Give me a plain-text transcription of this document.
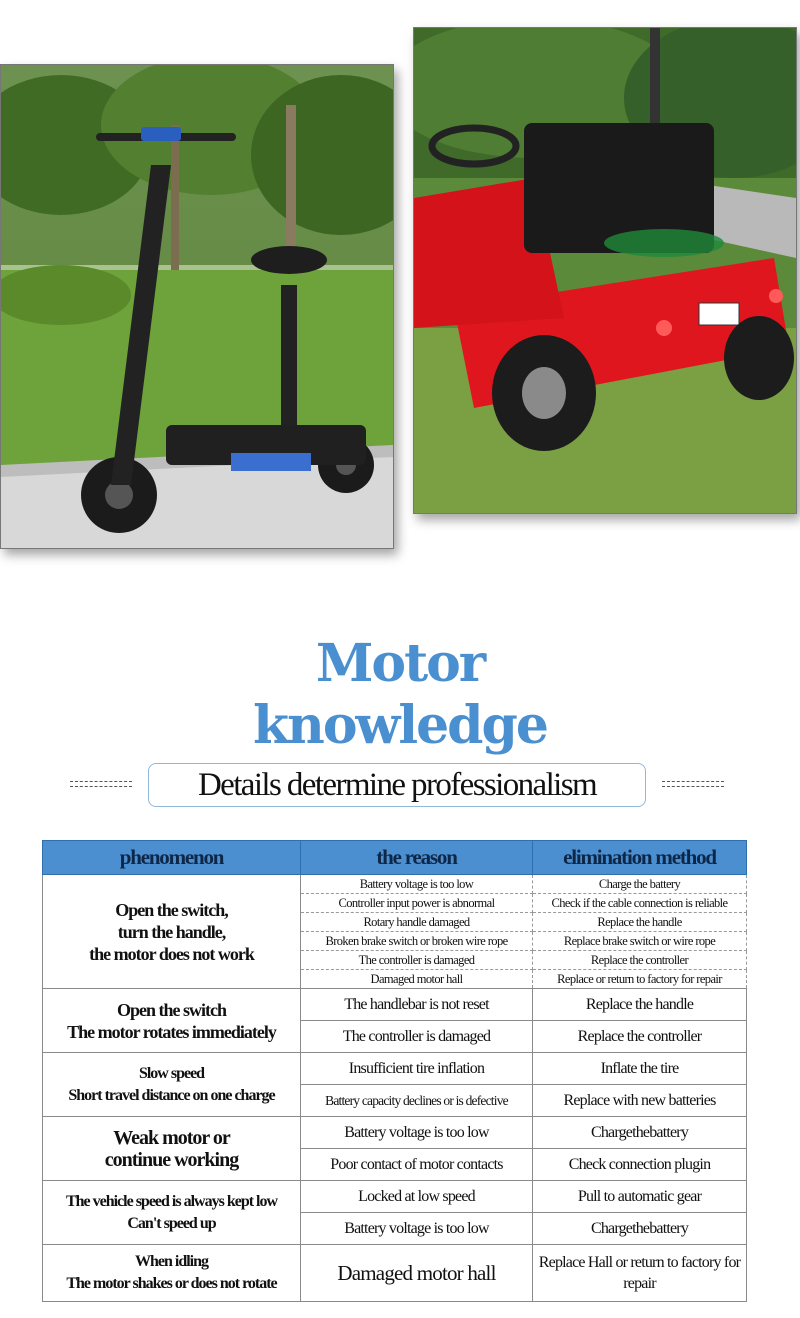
Motor
knowledge
Details determine professionalism
phenomenon	the reason	elimination method

Open the switch,
turn the handle,
the motor does not work	Battery voltage is too low	Charge the battery
	Controller input power is abnormal	Check if the cable connection is reliable
	Rotary handle damaged	Replace the handle
	Broken brake switch or broken wire rope	Replace brake switch or wire rope
	The controller is damaged	Replace the controller
	Damaged motor hall	Replace or return to factory for repair

Open the switch
The motor rotates immediately	The handlebar is not reset	Replace the handle
	The controller is damaged	Replace the controller

Slow speed
Short travel distance on one charge	Insufficient tire inflation	Inflate the tire
	Battery capacity declines or is defective	Replace with new batteries

Weak motor or
continue working	Battery voltage is too low	Chargethebattery
	Poor contact of motor contacts	Check connection plugin

The vehicle speed is always kept low
Can't speed up	Locked at low speed	Pull to automatic gear
	Battery voltage is too low	Chargethebattery

When idling
The motor shakes or does not rotate	Damaged motor hall	Replace Hall or return to factory for repair
